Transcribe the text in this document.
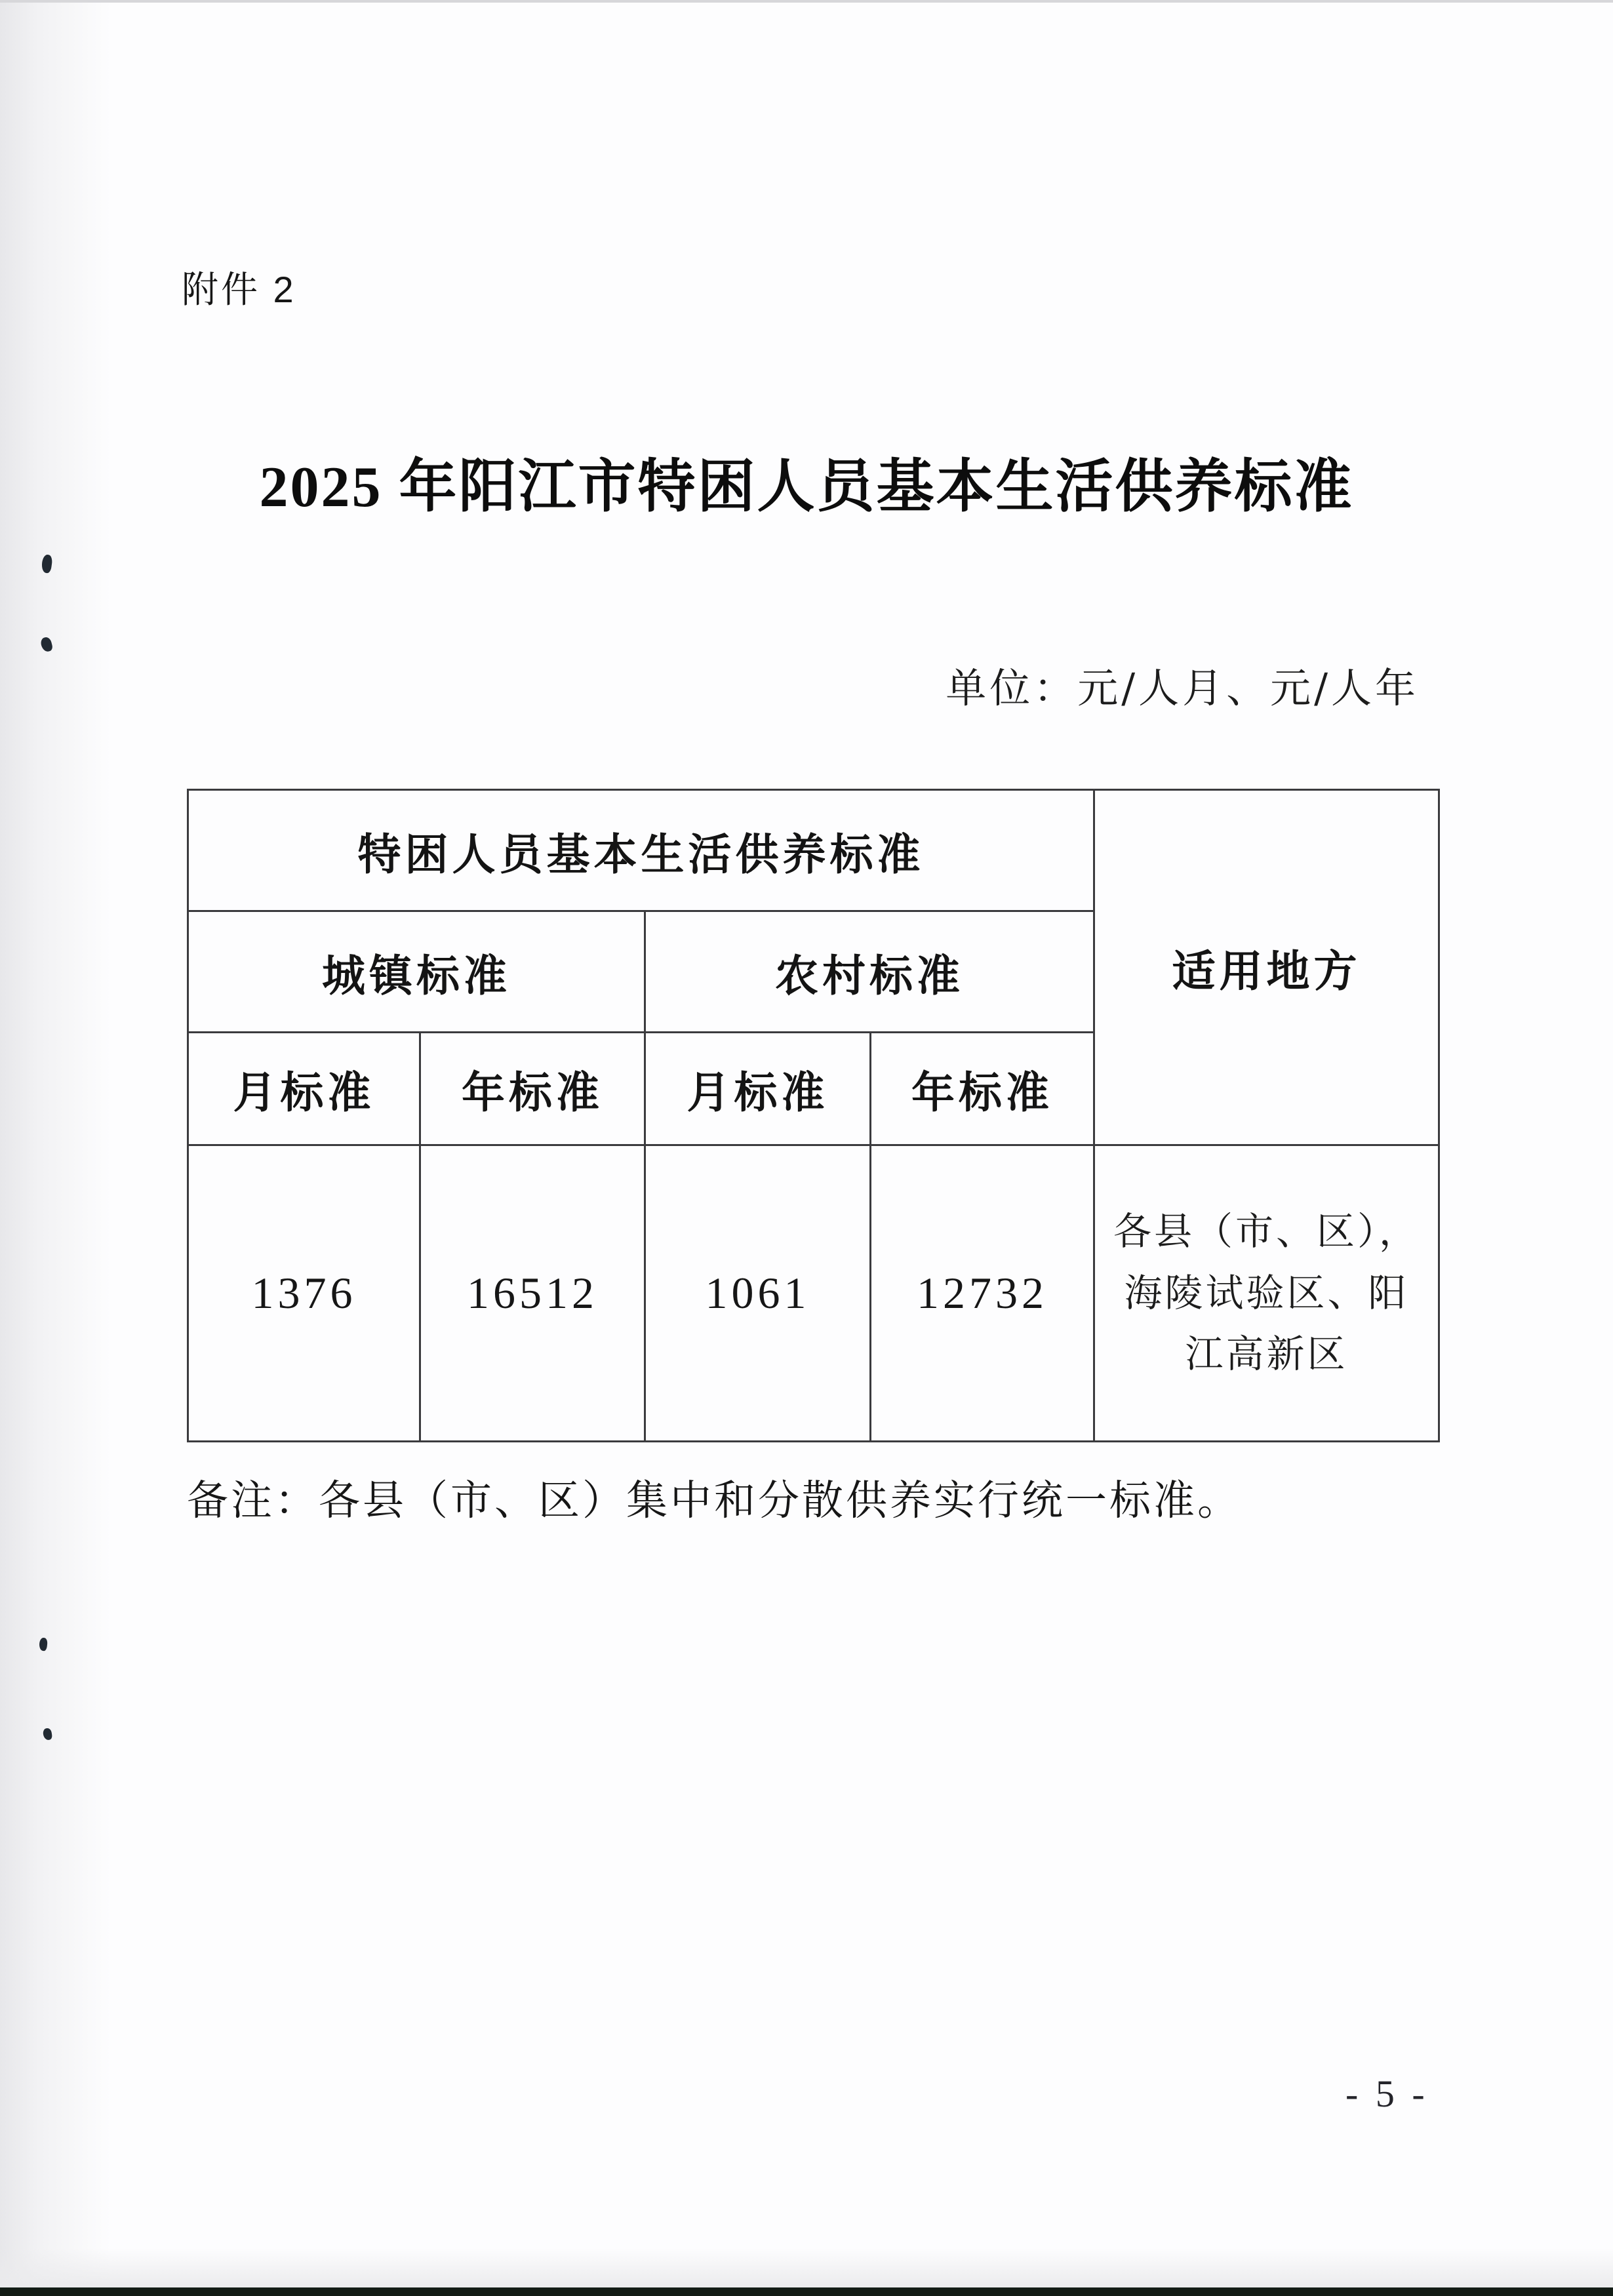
附件 2
2025 年阳江市特困人员基本生活供养标准
单位：元/人月、元/人年
特困人员基本生活供养标准				适用地方
城镇标准		农村标准		
月标准	年标准	月标准	年标准	
1376	16512	1061	12732	各县（市、区），
海陵试验区、阳
江高新区
备注：各县（市、区）集中和分散供养实行统一标准。
- 5 -
